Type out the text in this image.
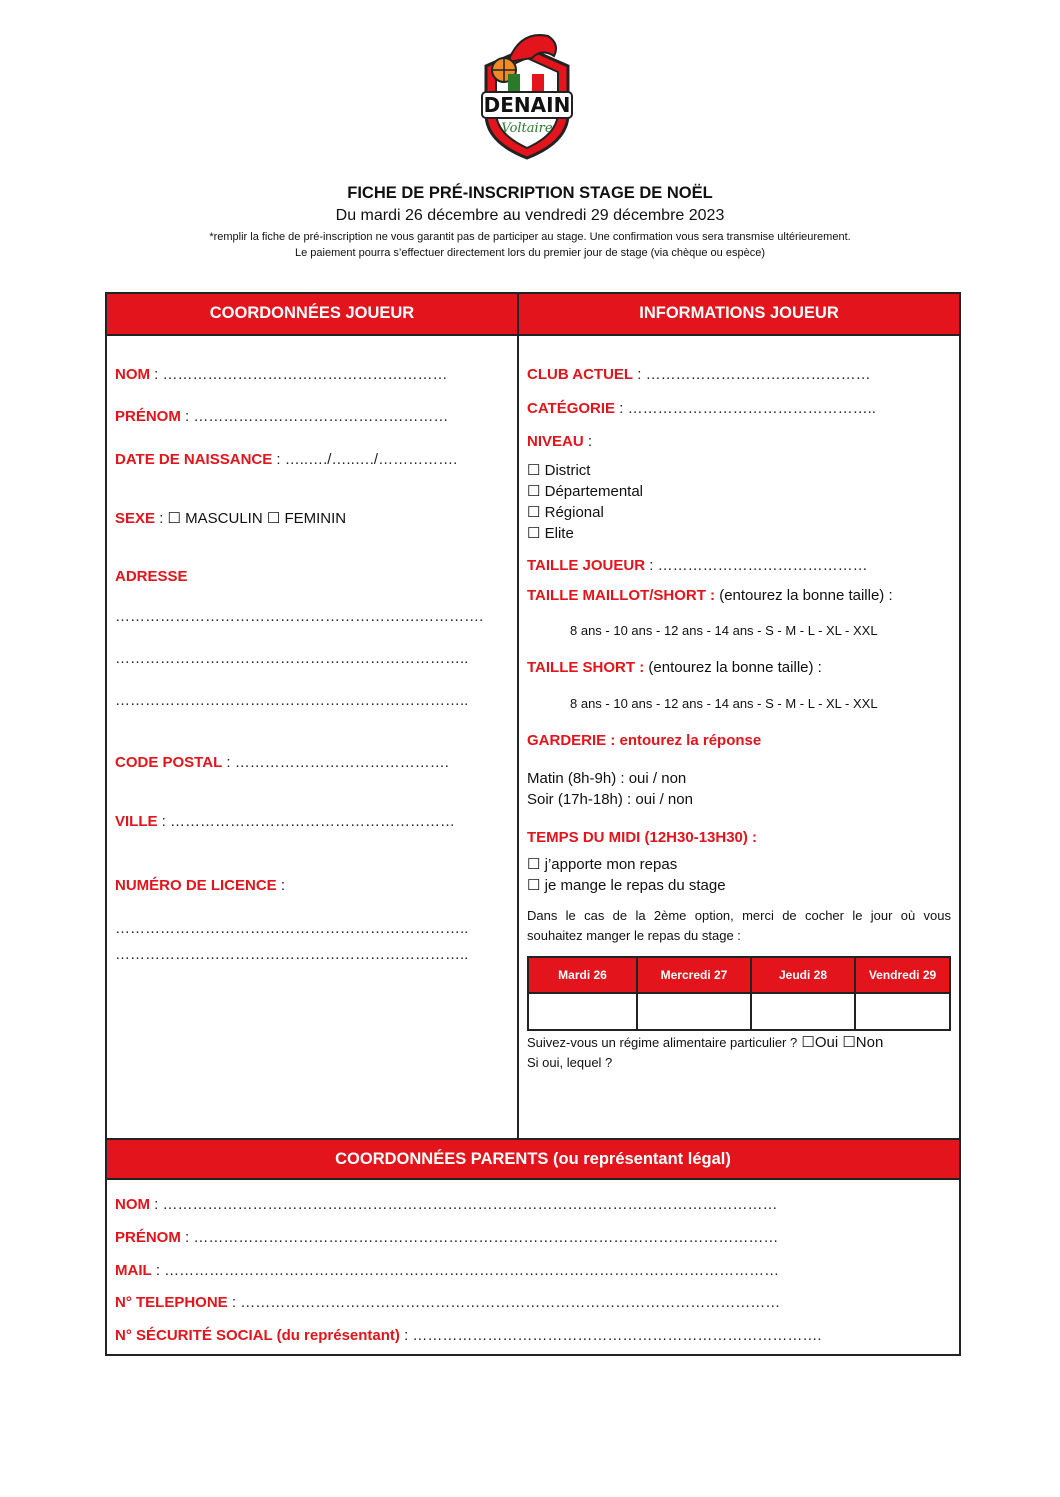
DENAIN
Voltaire
FICHE DE PRÉ-INSCRIPTION STAGE DE NOËL
Du mardi 26 décembre au vendredi 29 décembre 2023
*remplir la fiche de pré-inscription ne vous garantit pas de participer au stage. Une confirmation vous sera transmise ultérieurement.
Le paiement pourra s’effectuer directement lors du premier jour de stage (via chèque ou espèce)
COORDONNÉES JOUEUR	INFORMATIONS JOUEUR
COORDONNÉES PARENTS (ou représentant légal)
NOM : …………………………………………………
PRÉNOM : ……………………………………………
DATE DE NAISSANCE : …..…./…..…./…………….
SEXE : ☐ MASCULIN ☐ FEMININ
ADRESSE
…………………………………………………….………….
……………………………………………………………..
……………………………………………………………..
CODE POSTAL : …………………………………….
VILLE : …………………………………………………
NUMÉRO DE LICENCE :
……………………………………………………………..
……………………………………………………………..
CLUB ACTUEL : ………………………………………
CATÉGORIE : …………………………………………..
NIVEAU :
☐ District
☐ Départemental
☐ Régional
☐ Elite
TAILLE JOUEUR : ……………………………………
TAILLE MAILLOT/SHORT : (entourez la bonne taille) :
8 ans - 10 ans - 12 ans - 14 ans - S - M - L - XL - XXL
TAILLE SHORT : (entourez la bonne taille) :
8 ans - 10 ans - 12 ans - 14 ans - S - M - L - XL - XXL
GARDERIE : entourez la réponse
Matin (8h-9h) : oui / non
Soir (17h-18h) : oui / non
TEMPS DU MIDI (12H30-13H30) :
☐ j’apporte mon repas
☐ je mange le repas du stage
Dans le cas de la 2ème option, merci de cocher le jour où vous
souhaitez manger le repas du stage :
Mardi 26	Mercredi 27	Jeudi 28	Vendredi 29

Suivez-vous un régime alimentaire particulier ? ☐Oui ☐Non
Si oui, lequel ?
NOM : ……………………………………………………………………………………………………………
PRÉNOM : ………………………………………………………………………………………………………
MAIL : ……………………………………………………………………………………………………………
N° TELEPHONE : ………………………………………………………………………………………………
N° SÉCURITÉ SOCIAL (du représentant) : ……………………………………………………………………….
